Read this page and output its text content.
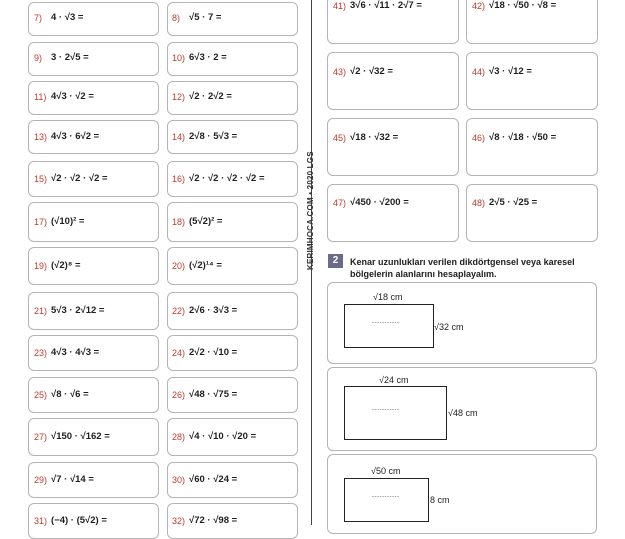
7) 4 · √3 =	8) √5 · 7 =
9) 3 · 2√5 =	10) 6√3 · 2 =
11) 4√3 · √2 =	12) √2 · 2√2 =
13) 4√3 · 6√2 =	14) 2√8 · 5√3 =
15) √2 · √2 · √2 =	16) √2 · √2 · √2 · √2 =
17) (√10)² =	18) (5√2)² =
19) (√2)⁸ =	20) (√2)¹⁴ =
21) 5√3 · 2√12 =	22) 2√6 · 3√3 =
23) 4√3 · 4√3 =	24) 2√2 · √10 =
25) √8 · √6 =	26) √48 · √75 =
27) √150 · √162 =	28) √4 · √10 · √20 =
29) √7 · √14 =	30) √60 · √24 =
31) (−4) · (5√2) =	32) √72 · √98 =
KERIMHOCA.COM • 2020 LGS
41) 3√6 · √11 · 2√7 =	42) √18 · √50 · √8 =
43) √2 · √32 =	44) √3 · √12 =
45) √18 · √32 =	46) √8 · √18 · √50 =
47) √450 · √200 =	48) 2√5 · √25 =
2	Kenar uzunlukları verilen dikdörtgensel veya karesel bölgelerin alanlarını hesaplayalım.
√18 cm
-----------	√32 cm
√24 cm
-----------	√48 cm
√50 cm
-----------	8 cm
